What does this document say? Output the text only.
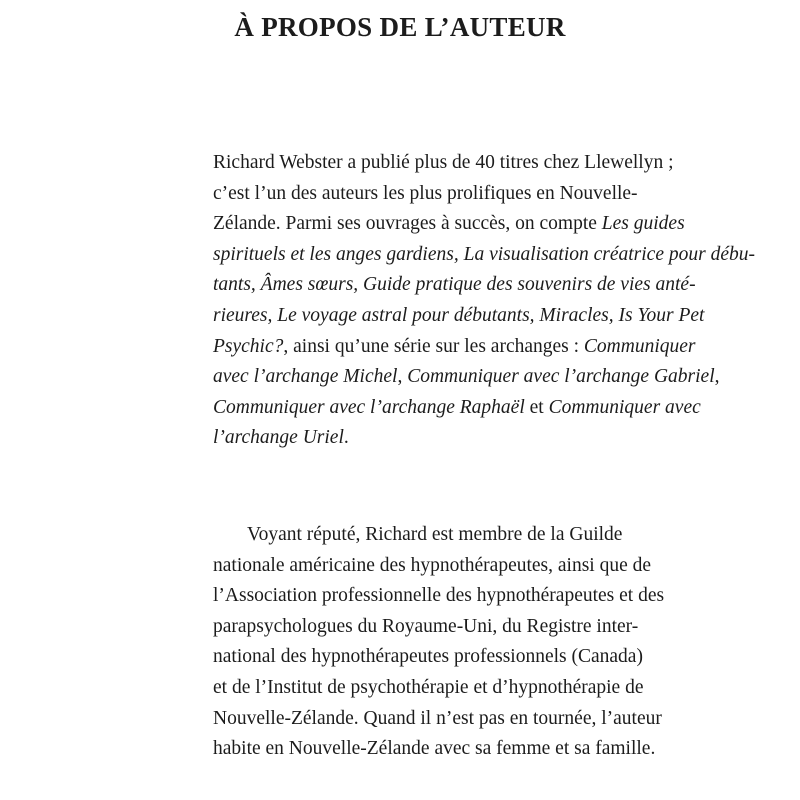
À PROPOS DE L’AUTEUR
Richard Webster a publié plus de 40 titres chez Llewellyn ;
c’est l’un des auteurs les plus prolifiques en Nouvelle-
Zélande. Parmi ses ouvrages à succès, on compte Les guides
spirituels et les anges gardiens, La visualisation créatrice pour débu-
tants, Âmes sœurs, Guide pratique des souvenirs de vies anté-
rieures, Le voyage astral pour débutants, Miracles, Is Your Pet
Psychic?, ainsi qu’une série sur les archanges : Communiquer
avec l’archange Michel, Communiquer avec l’archange Gabriel,
Communiquer avec l’archange Raphaël et Communiquer avec
l’archange Uriel.
Voyant réputé, Richard est membre de la Guilde
nationale américaine des hypnothérapeutes, ainsi que de
l’Association professionnelle des hypnothérapeutes et des
parapsychologues du Royaume-Uni, du Registre inter-
national des hypnothérapeutes professionnels (Canada)
et de l’Institut de psychothérapie et d’hypnothérapie de
Nouvelle-Zélande. Quand il n’est pas en tournée, l’auteur
habite en Nouvelle-Zélande avec sa femme et sa famille.
